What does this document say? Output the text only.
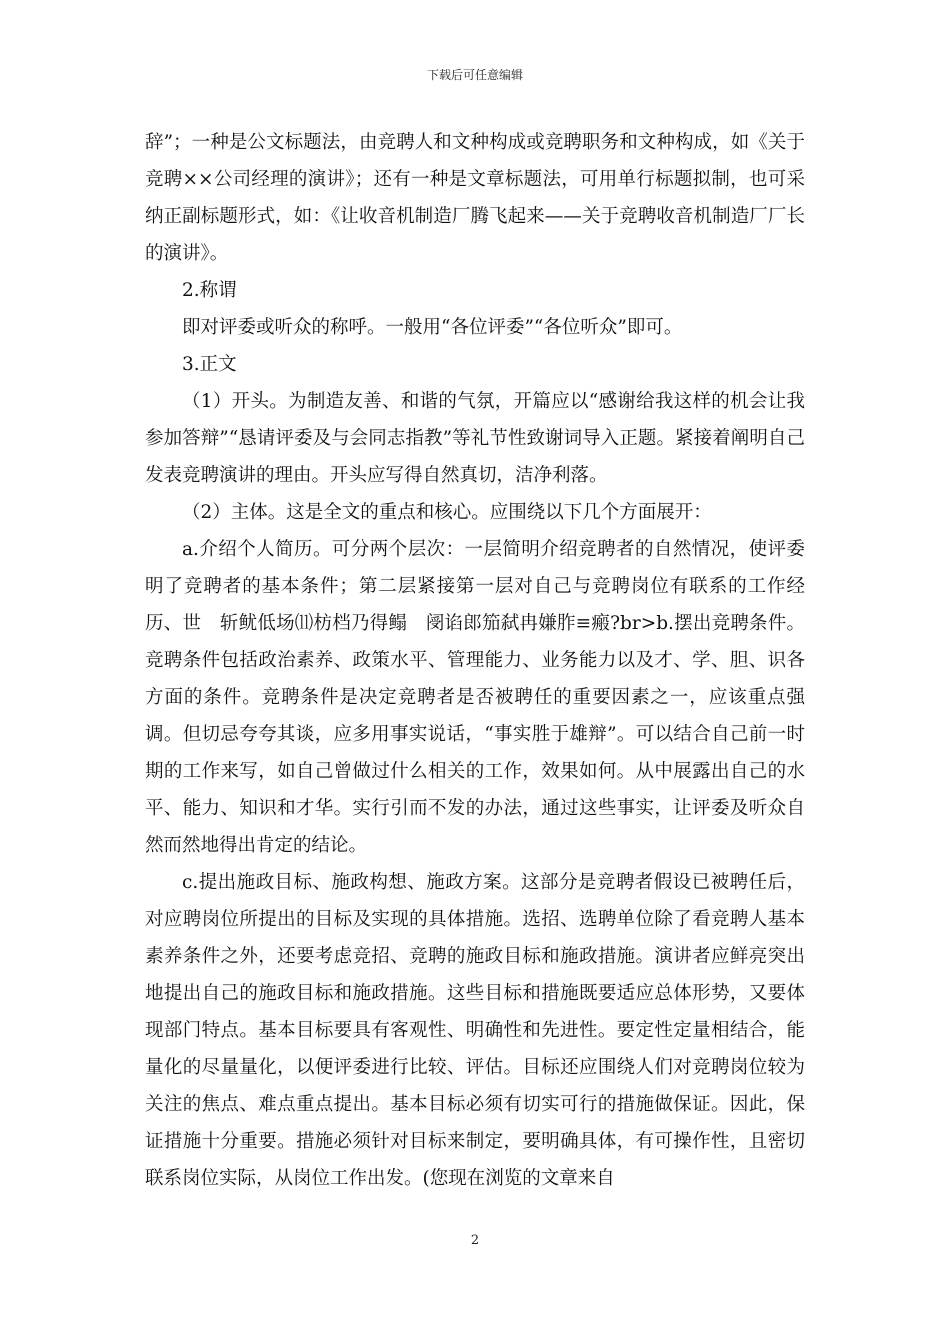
下载后可任意编辑

辞”；一种是公文标题法，由竞聘人和文种构成或竞聘职务和文种构成，如《关于竞聘××公司经理的演讲》；还有一种是文章标题法，可用单行标题拟制，也可采纳正副标题形式，如：《让收音机制造厂腾飞起来——关于竞聘收音机制造厂厂长的演讲》。

2.称谓

即对评委或听众的称呼。一般用“各位评委”“各位听众”即可。

3.正文

（1）开头。为制造友善、和谐的气氛，开篇应以“感谢给我这样的机会让我参加答辩”“恳请评委及与会同志指教”等礼节性致谢词导入正题。紧接着阐明自己发表竞聘演讲的理由。开头应写得自然真切，洁净利落。

（2）主体。这是全文的重点和核心。应围绕以下几个方面展开：

a.介绍个人简历。可分两个层次：一层简明介绍竞聘者的自然情况，使评委明了竞聘者的基本条件；第二层紧接第一层对自己与竞聘岗位有联系的工作经历、世　斩鱿低场⑾枋档乃得鳎　阌谄郎笳弑冉嫌胙≡瘢?br>b.摆出竞聘条件。竞聘条件包括政治素养、政策水平、管理能力、业务能力以及才、学、胆、识各方面的条件。竞聘条件是决定竞聘者是否被聘任的重要因素之一，应该重点强调。但切忌夸夸其谈，应多用事实说话，“事实胜于雄辩”。可以结合自己前一时期的工作来写，如自己曾做过什么相关的工作，效果如何。从中展露出自己的水平、能力、知识和才华。实行引而不发的办法，通过这些事实，让评委及听众自然而然地得出肯定的结论。

c.提出施政目标、施政构想、施政方案。这部分是竞聘者假设已被聘任后，对应聘岗位所提出的目标及实现的具体措施。选招、选聘单位除了看竞聘人基本素养条件之外，还要考虑竞招、竞聘的施政目标和施政措施。演讲者应鲜亮突出地提出自己的施政目标和施政措施。这些目标和措施既要适应总体形势，又要体现部门特点。基本目标要具有客观性、明确性和先进性。要定性定量相结合，能量化的尽量量化，以便评委进行比较、评估。目标还应围绕人们对竞聘岗位较为关注的焦点、难点重点提出。基本目标必须有切实可行的措施做保证。因此，保证措施十分重要。措施必须针对目标来制定，要明确具体，有可操作性，且密切联系岗位实际，从岗位工作出发。(您现在浏览的文章来自

2
